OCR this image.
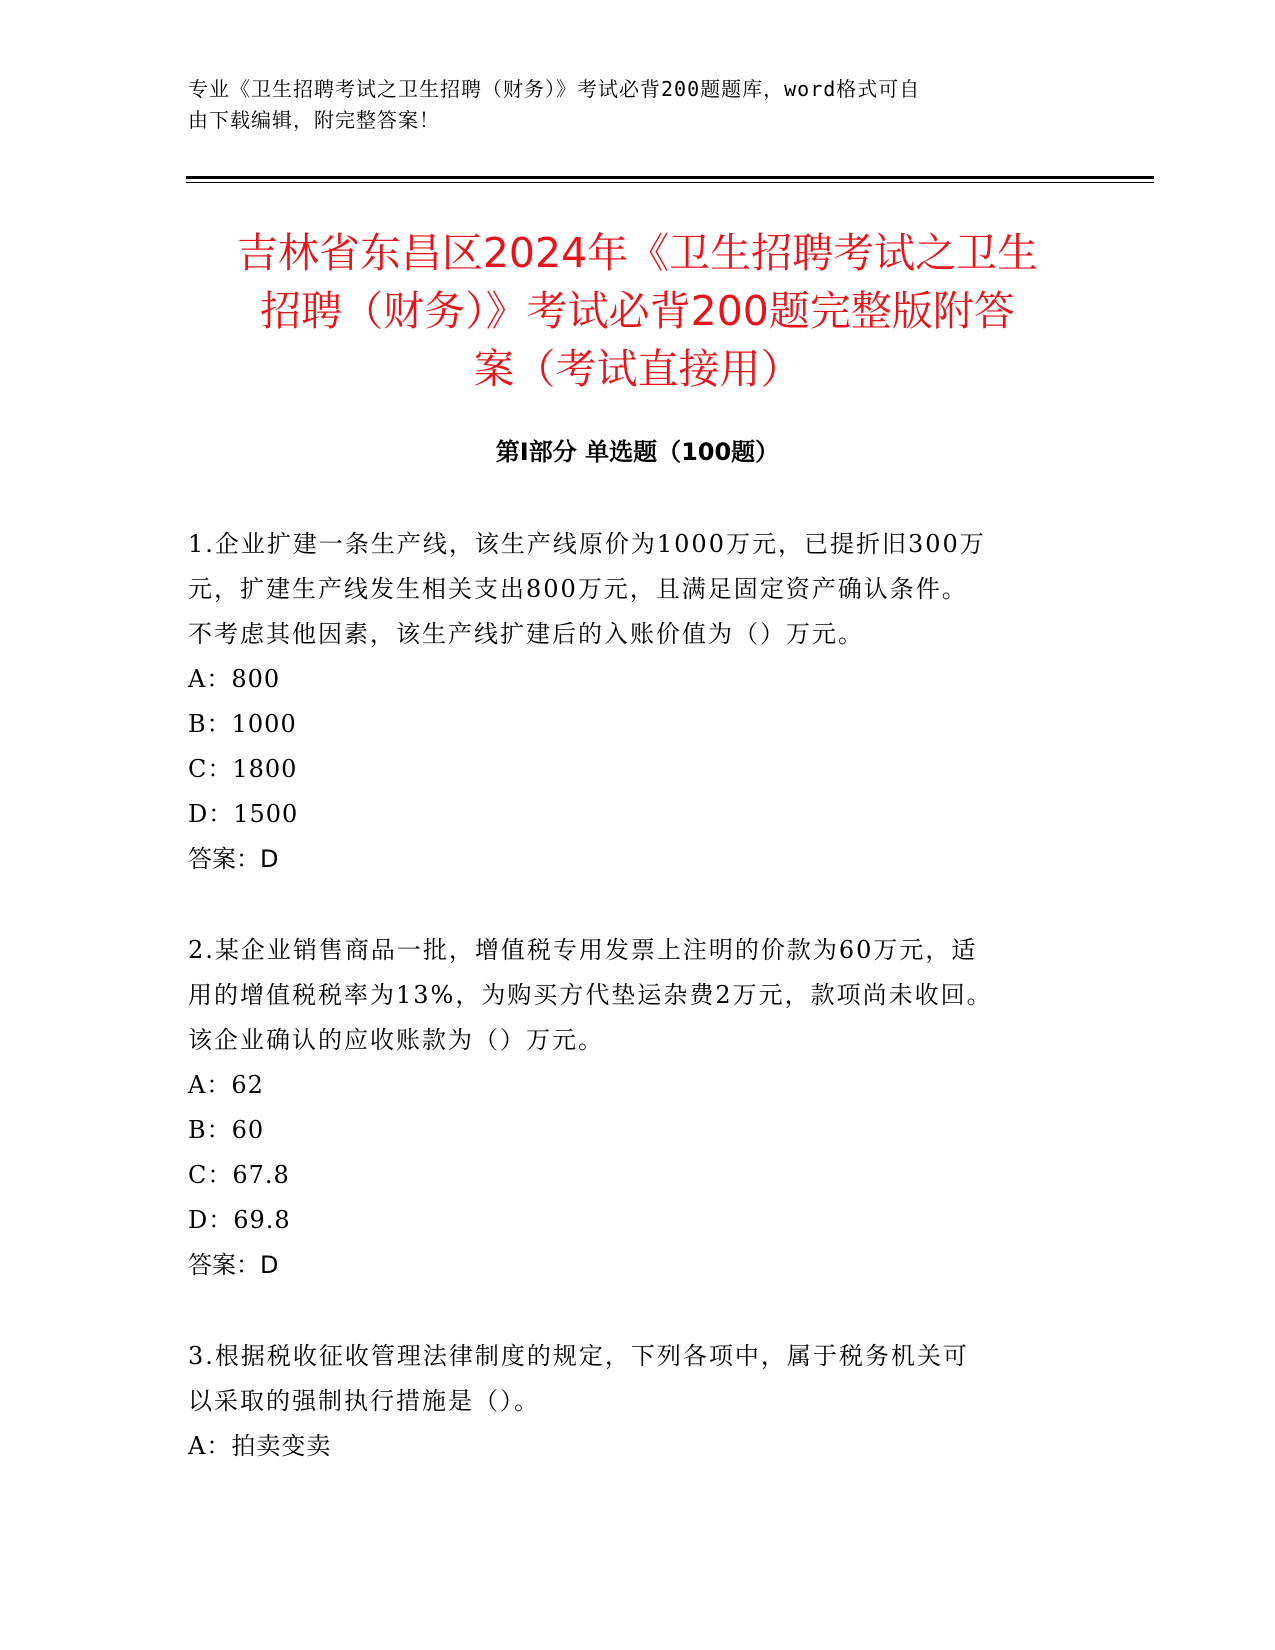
专业《卫生招聘考试之卫生招聘（财务）》考试必背200题题库，word格式可自
由下载编辑，附完整答案！
吉林省东昌区2024年《卫生招聘考试之卫生
招聘（财务）》考试必背200题完整版附答
案（考试直接用）
第I部分 单选题（100题）

1.企业扩建一条生产线，该生产线原价为1000万元，已提折旧300万

元，扩建生产线发生相关支出800万元，且满足固定资产确认条件。

不考虑其他因素，该生产线扩建后的入账价值为（）万元。

A：800

B：1000

C：1800

D：1500

答案：D

2.某企业销售商品一批，增值税专用发票上注明的价款为60万元，适

用的增值税税率为13%，为购买方代垫运杂费2万元，款项尚未收回。

该企业确认的应收账款为（）万元。

A：62

B：60

C：67.8

D：69.8

答案：D

3.根据税收征收管理法律制度的规定，下列各项中，属于税务机关可

以采取的强制执行措施是（）。

A：拍卖变卖
